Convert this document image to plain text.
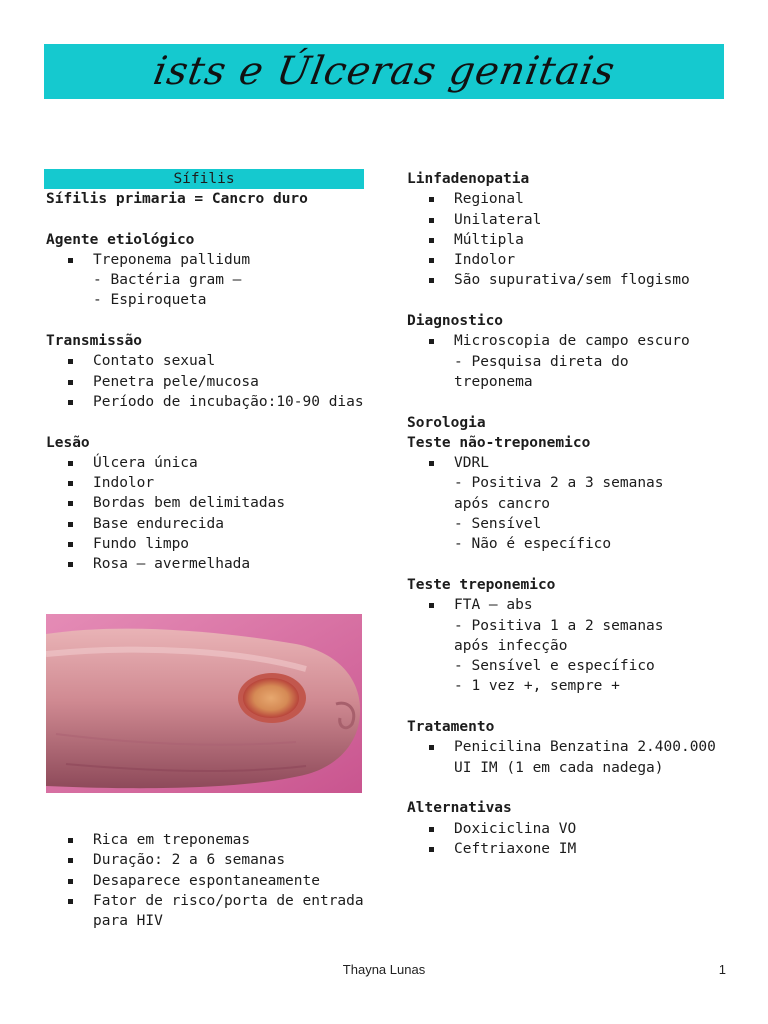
ists e Úlceras genitais
Sífilis
Sífilis primaria = Cancro duro
Agente etiológico
Treponema pallidum
- Bactéria gram –
- Espiroqueta
Transmissão
Contato sexual
Penetra pele/mucosa
Período de incubação:10-90 dias
Lesão
Úlcera única
Indolor
Bordas bem delimitadas
Base endurecida
Fundo limpo
Rosa – avermelhada
Rica em treponemas
Duração: 2 a 6 semanas
Desaparece espontaneamente
Fator de risco/porta de entrada para HIV
Linfadenopatia
Regional
Unilateral
Múltipla
Indolor
São supurativa/sem flogismo
Diagnostico
Microscopia de campo escuro
- Pesquisa direta do
treponema
Sorologia
Teste não-treponemico
VDRL
- Positiva 2 a 3 semanas
após cancro
- Sensível
- Não é específico
Teste treponemico
FTA – abs
- Positiva 1 a 2 semanas
após infecção
- Sensível e específico
- 1 vez +, sempre +
Tratamento
Penicilina Benzatina 2.400.000 UI IM (1 em cada nadega)
Alternativas
Doxiciclina VO
Ceftriaxone IM
Thayna Lunas	1
